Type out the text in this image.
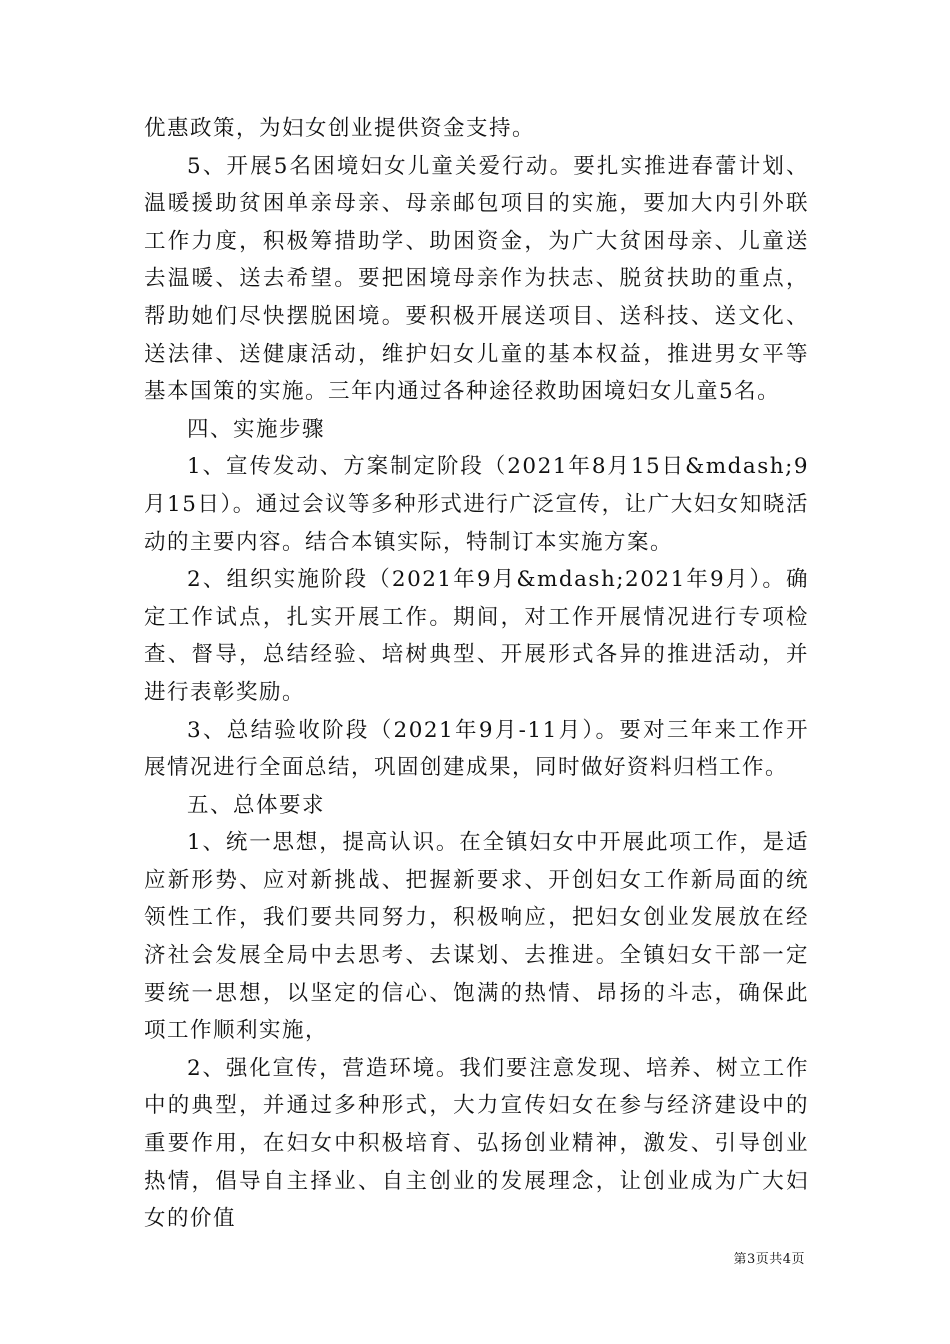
优惠政策，为妇女创业提供资金支持。

5、开展5名困境妇女儿童关爱行动。要扎实推进春蕾计划、温暖援助贫困单亲母亲、母亲邮包项目的实施，要加大内引外联工作力度，积极筹措助学、助困资金，为广大贫困母亲、儿童送去温暖、送去希望。要把困境母亲作为扶志、脱贫扶助的重点，帮助她们尽快摆脱困境。要积极开展送项目、送科技、送文化、送法律、送健康活动，维护妇女儿童的基本权益，推进男女平等基本国策的实施。三年内通过各种途径救助困境妇女儿童5名。

四、实施步骤

1、宣传发动、方案制定阶段（2021年8月15日&mdash;9月15日）。通过会议等多种形式进行广泛宣传，让广大妇女知晓活动的主要内容。结合本镇实际，特制订本实施方案。

2、组织实施阶段（2021年9月&mdash;2021年9月）。确定工作试点，扎实开展工作。期间，对工作开展情况进行专项检查、督导，总结经验、培树典型、开展形式各异的推进活动，并进行表彰奖励。

3、总结验收阶段（2021年9月-11月）。要对三年来工作开展情况进行全面总结，巩固创建成果，同时做好资料归档工作。

五、总体要求

1、统一思想，提高认识。在全镇妇女中开展此项工作，是适应新形势、应对新挑战、把握新要求、开创妇女工作新局面的统领性工作，我们要共同努力，积极响应，把妇女创业发展放在经济社会发展全局中去思考、去谋划、去推进。全镇妇女干部一定要统一思想，以坚定的信心、饱满的热情、昂扬的斗志，确保此项工作顺利实施，

2、强化宣传，营造环境。我们要注意发现、培养、树立工作中的典型，并通过多种形式，大力宣传妇女在参与经济建设中的重要作用，在妇女中积极培育、弘扬创业精神，激发、引导创业热情，倡导自主择业、自主创业的发展理念，让创业成为广大妇女的价值

第3页共4页
